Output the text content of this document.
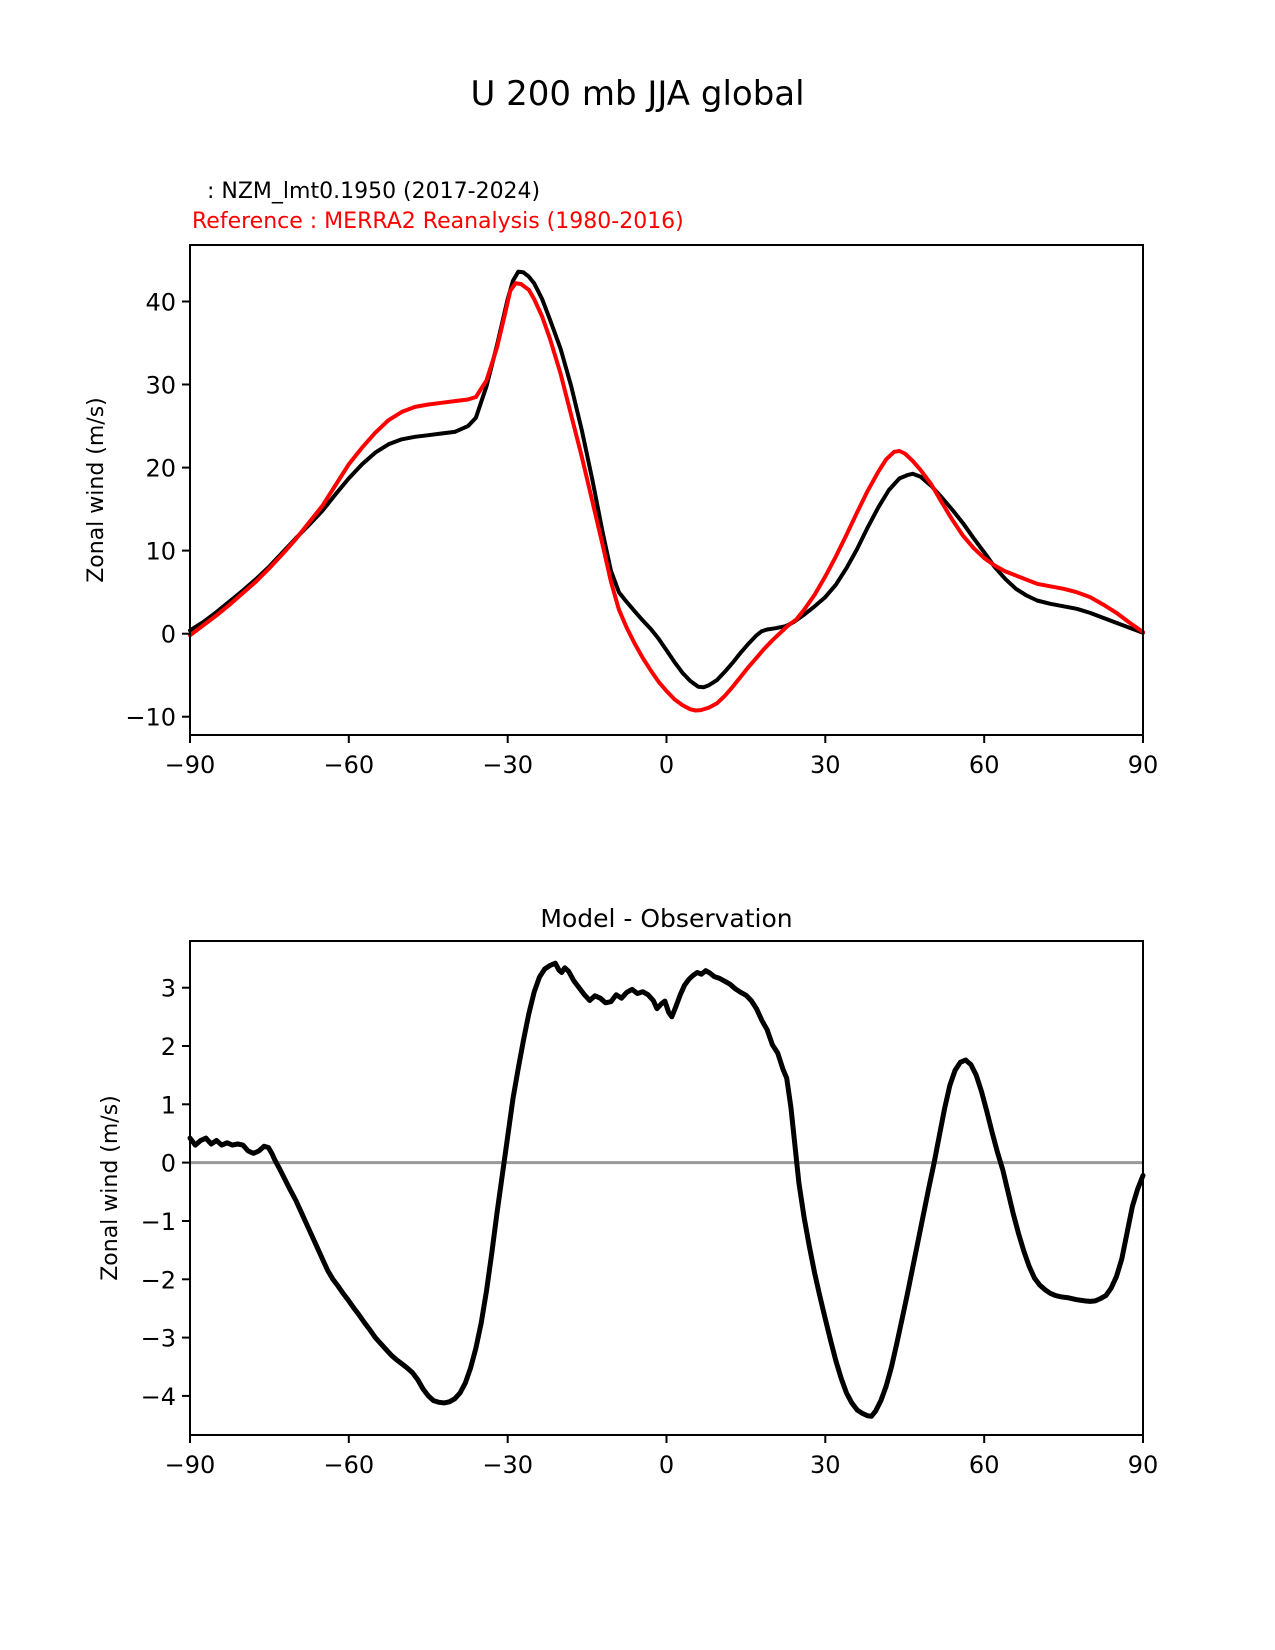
U 200 mb JJA global
: NZM_lmt0.1950 (2017-2024)
Reference : MERRA2 Reanalysis (1980-2016)
−90	−60	−30	0	30	60	90
−10
0
10
20
30
40
Zonal wind (m/s)
−90	−60	−30	0	30	60	90
−4
−3
−2
−1
0
1
2
3
Model - Observation
Zonal wind (m/s)
